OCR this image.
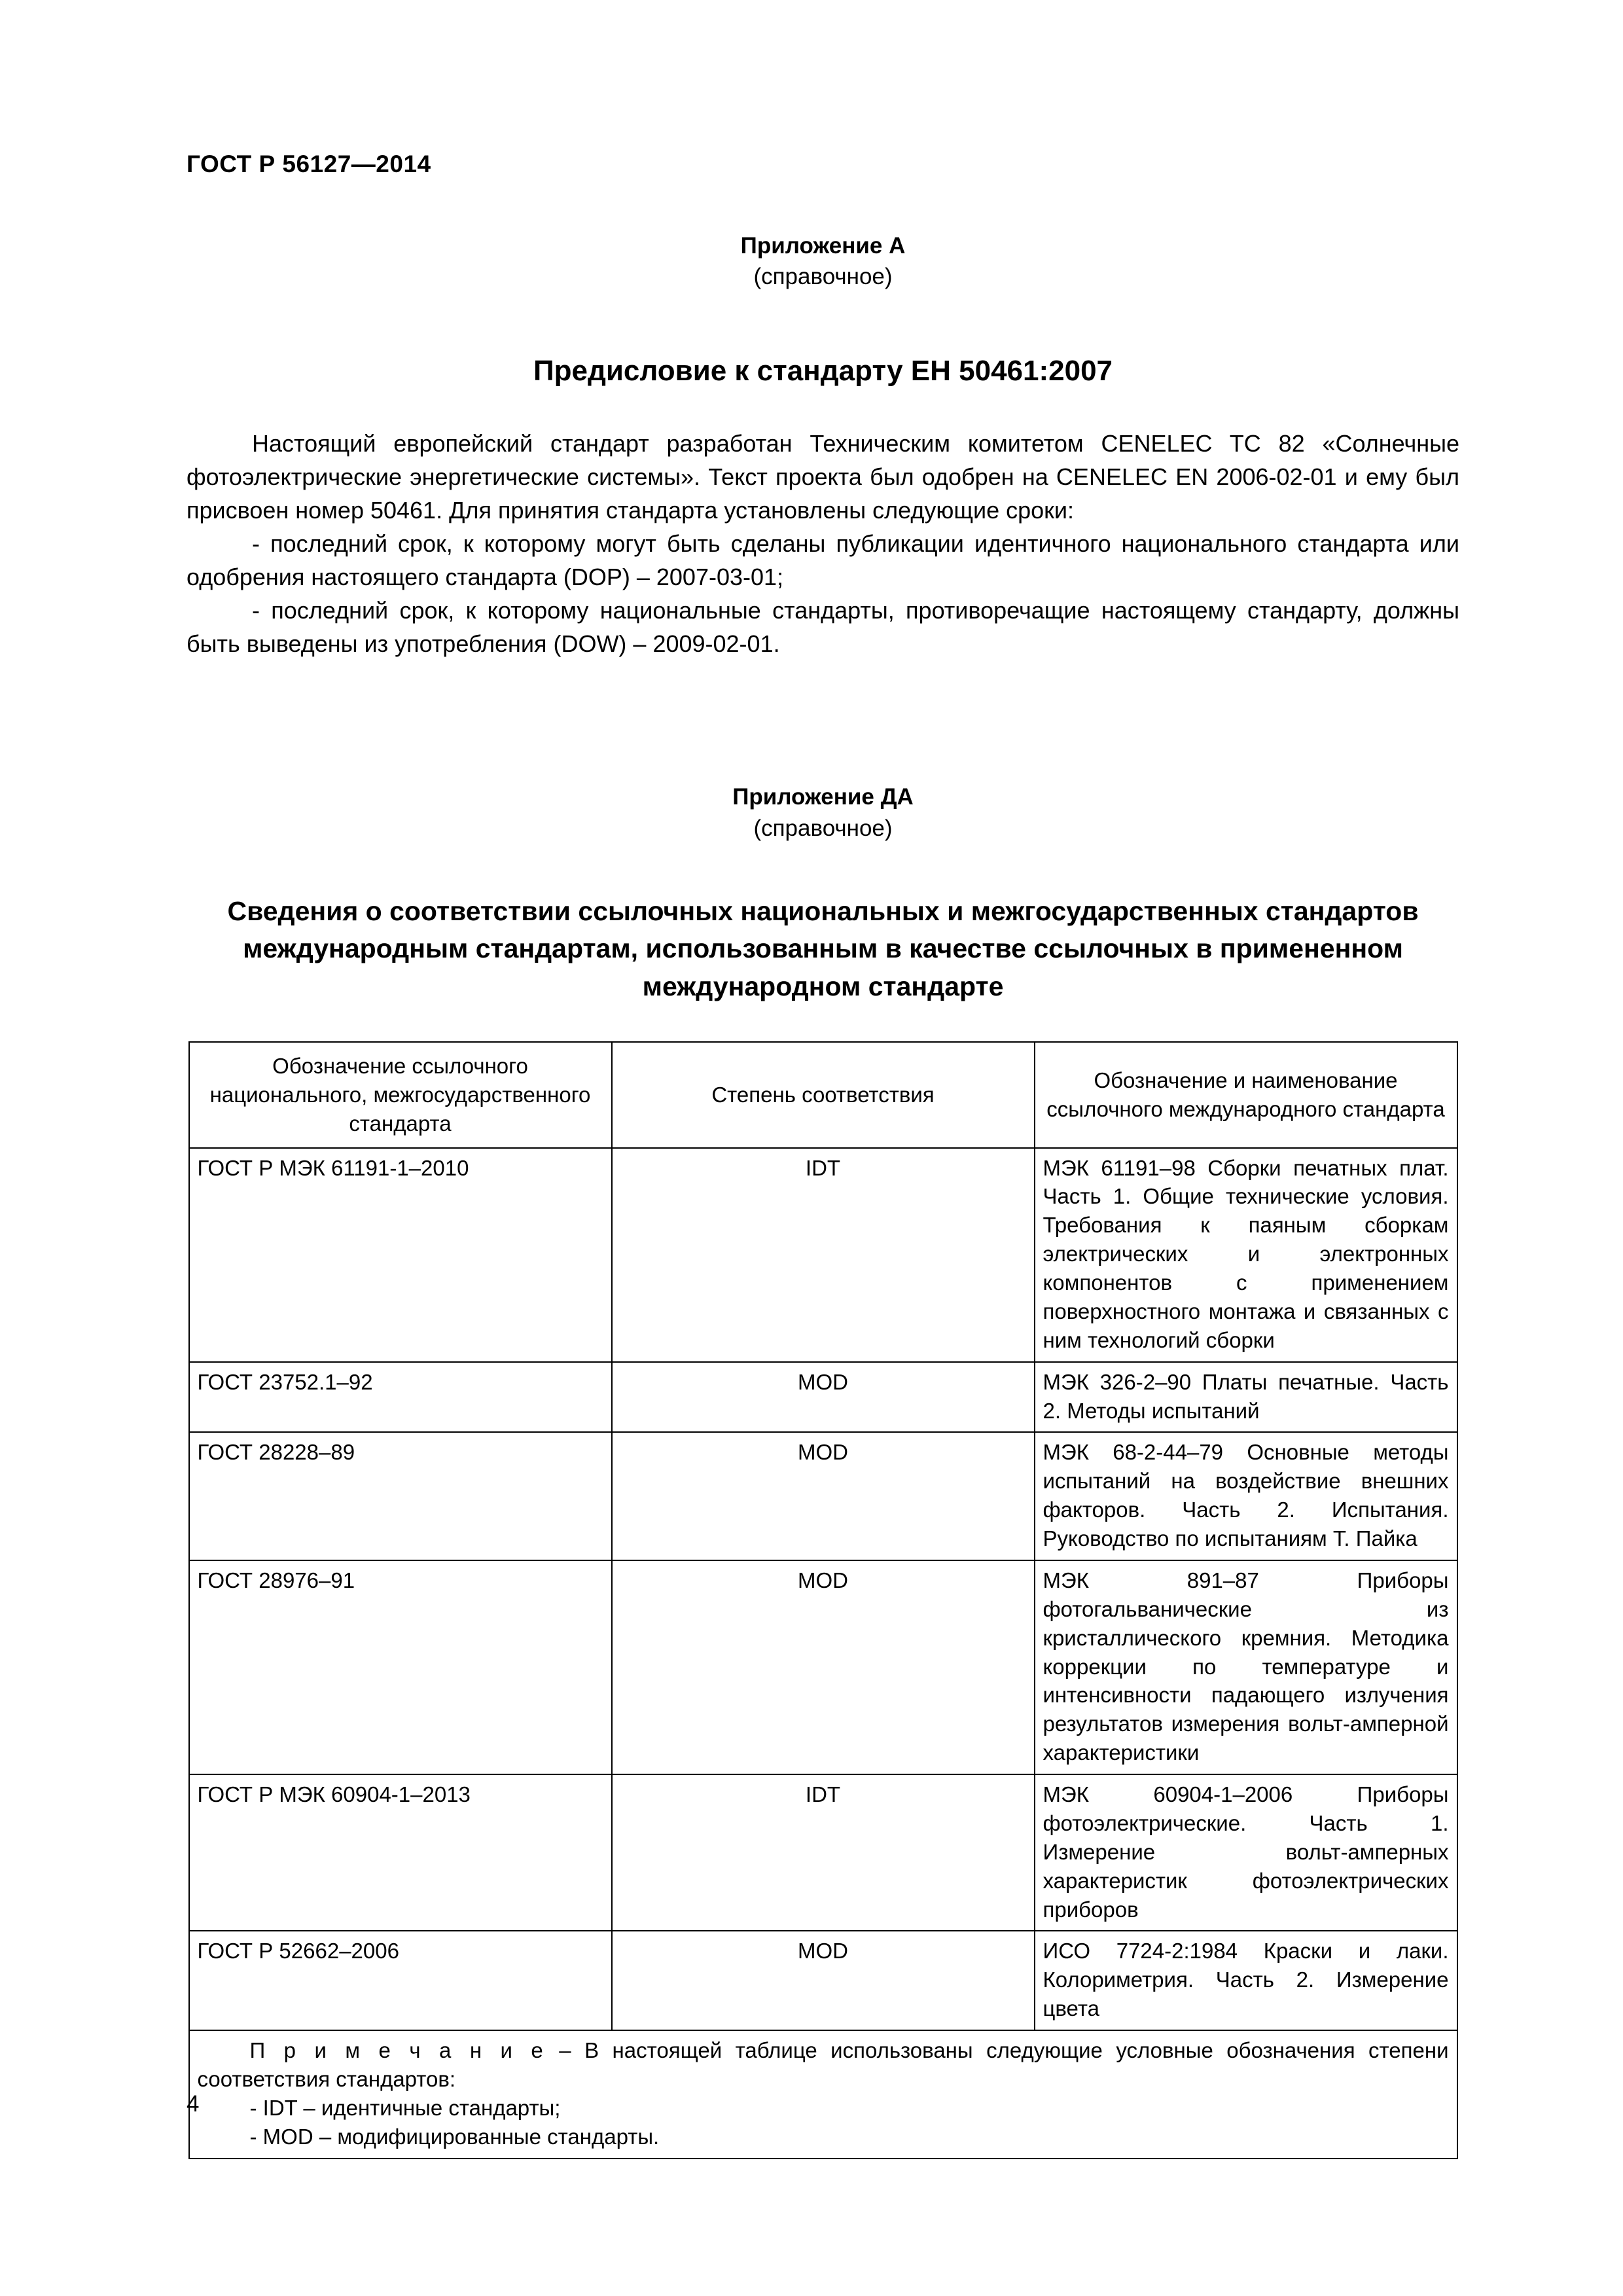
ГОСТ Р 56127—2014
Приложение А
(справочное)
Предисловие к стандарту ЕН 50461:2007

Настоящий европейский стандарт разработан Техническим комитетом CENELEC TC 82 «Солнечные фотоэлектрические энергетические системы». Текст проекта был одобрен на CENELEC EN 2006-02-01 и ему был присвоен номер 50461. Для принятия стандарта установлены следующие сроки:

- последний срок, к которому могут быть сделаны публикации идентичного национального стандарта или одобрения настоящего стандарта (DOP) – 2007-03-01;

- последний срок, к которому национальные стандарты, противоречащие настоящему стандарту, должны быть выведены из употребления (DOW) – 2009-02-01.

Приложение ДА
(справочное)
Сведения о соответствии ссылочных национальных и межгосударственных стандартов международным стандартам, использованным в качестве ссылочных в примененном международном стандарте
Обозначение ссылочного национального, межгосударственного стандарта	Степень соответствия	Обозначение и наименование ссылочного международного стандарта
ГОСТ Р МЭК 61191-1–2010	IDT	МЭК 61191–98 Сборки печатных плат. Часть 1. Общие технические условия. Требования к паяным сборкам электрических и электронных компонентов с применением поверхностного монтажа и связанных с ним технологий сборки
ГОСТ 23752.1–92	MOD	МЭК 326-2–90 Платы печатные. Часть 2. Методы испытаний
ГОСТ 28228–89	MOD	МЭК 68-2-44–79 Основные методы испытаний на воздействие внешних факторов. Часть 2. Испытания. Руководство по испытаниям Т. Пайка
ГОСТ 28976–91	MOD	МЭК 891–87 Приборы фотогальванические из кристаллического кремния. Методика коррекции по температуре и интенсивности падающего излучения результатов измерения вольт-амперной характеристики
ГОСТ Р МЭК 60904-1–2013	IDT	МЭК 60904-1–2006 Приборы фотоэлектрические. Часть 1. Измерение вольт-амперных характеристик фотоэлектрических приборов
ГОСТ Р 52662–2006	MOD	ИСО 7724-2:1984 Краски и лаки. Колориметрия. Часть 2. Измерение цвета

П р и м е ч а н и е – В настоящей таблице использованы следующие условные обозначения степени соответствия стандартов:
- IDT – идентичные стандарты;
- MOD – модифицированные стандарты.		
4
